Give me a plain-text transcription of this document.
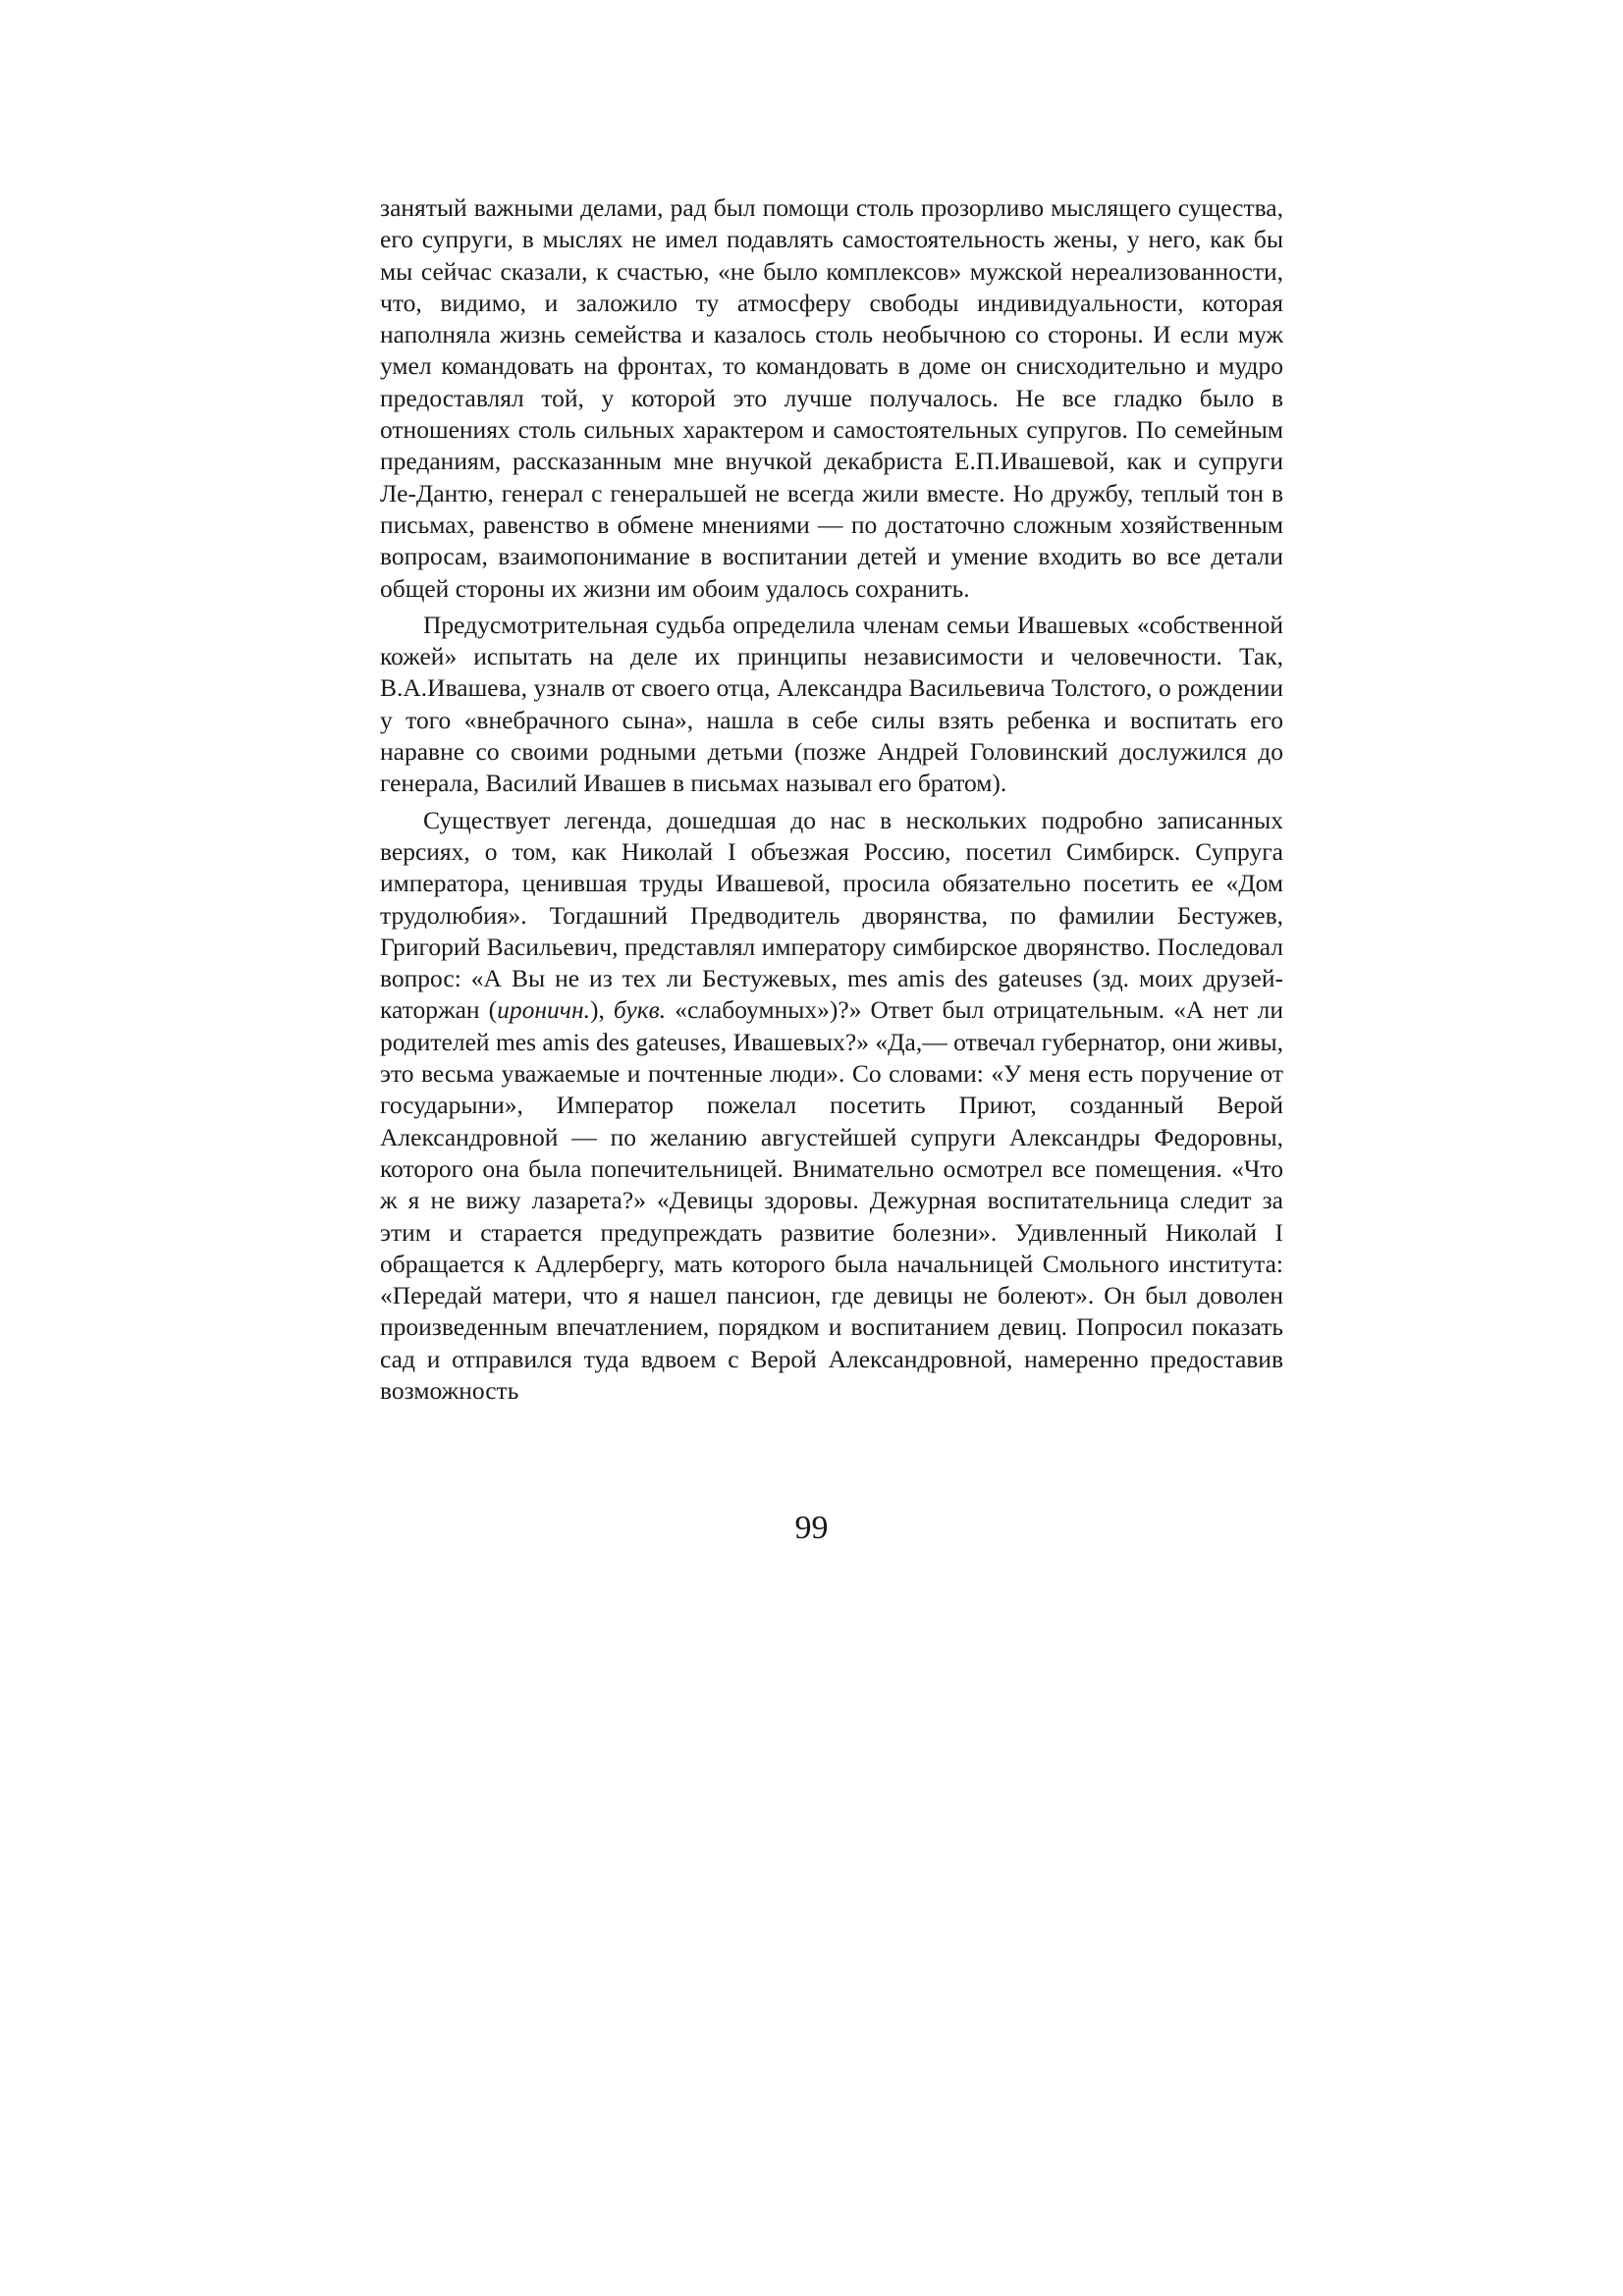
занятый важными делами, рад был помощи столь прозорливо мыслящего существа, его супруги, в мыслях не имел подавлять самостоятельность жены, у него, как бы мы сейчас сказали, к счастью, «не было комплексов» мужской нереализованности, что, видимо, и заложило ту атмосферу свободы индивидуальности, которая наполняла жизнь семейства и казалось столь необычною со стороны. И если муж умел командовать на фронтах, то командовать в доме он снисходительно и мудро предоставлял той, у которой это лучше получалось. Не все гладко было в отношениях столь сильных характером и самостоятельных супругов. По семейным преданиям, рассказанным мне внучкой декабриста Е.П.Ивашевой, как и супруги Ле-Дантю, генерал с генеральшей не всегда жили вместе. Но дружбу, теплый тон в письмах, равенство в обмене мнениями — по достаточно сложным хозяйственным вопросам, взаимопонимание в воспитании детей и умение входить во все детали общей стороны их жизни им обоим удалось сохранить.

Предусмотрительная судьба определила членам семьи Ивашевых «собственной кожей» испытать на деле их принципы независимости и человечности. Так, В.А.Ивашева, узналв от своего отца, Александра Васильевича Толстого, о рождении у того «внебрачного сына», нашла в себе силы взять ребенка и воспитать его наравне со своими родными детьми (позже Андрей Головинский дослужился до генерала, Василий Ивашев в письмах называл его братом).

Существует легенда, дошедшая до нас в нескольких подробно записанных версиях, о том, как Николай I объезжая Россию, посетил Симбирск. Супруга императора, ценившая труды Ивашевой, просила обязательно посетить ее «Дом трудолюбия». Тогдашний Предводитель дворянства, по фамилии Бестужев, Григорий Васильевич, представлял императору симбирское дворянство. Последовал вопрос: «А Вы не из тех ли Бестужевых, mes amis des gateuses (зд. моих друзей-каторжан (ироничн.), букв. «слабоумных»)?» Ответ был отрицательным. «А нет ли родителей mes amis des gateuses, Ивашевых?» «Да,— отвечал губернатор, они живы, это весьма уважаемые и почтенные люди». Со словами: «У меня есть поручение от государыни», Император пожелал посетить Приют, созданный Верой Александровной — по желанию августейшей супруги Александры Федоровны, которого она была попечительницей. Внимательно осмотрел все помещения. «Что ж я не вижу лазарета?» «Девицы здоровы. Дежурная воспитательница следит за этим и старается предупреждать развитие болезни». Удивленный Николай I обращается к Адлербергу, мать которого была начальницей Смольного института: «Передай матери, что я нашел пансион, где девицы не болеют». Он был доволен произведенным впечатлением, порядком и воспитанием девиц. Попросил показать сад и отправился туда вдвоем с Верой Александровной, намеренно предоставив возможность

99
